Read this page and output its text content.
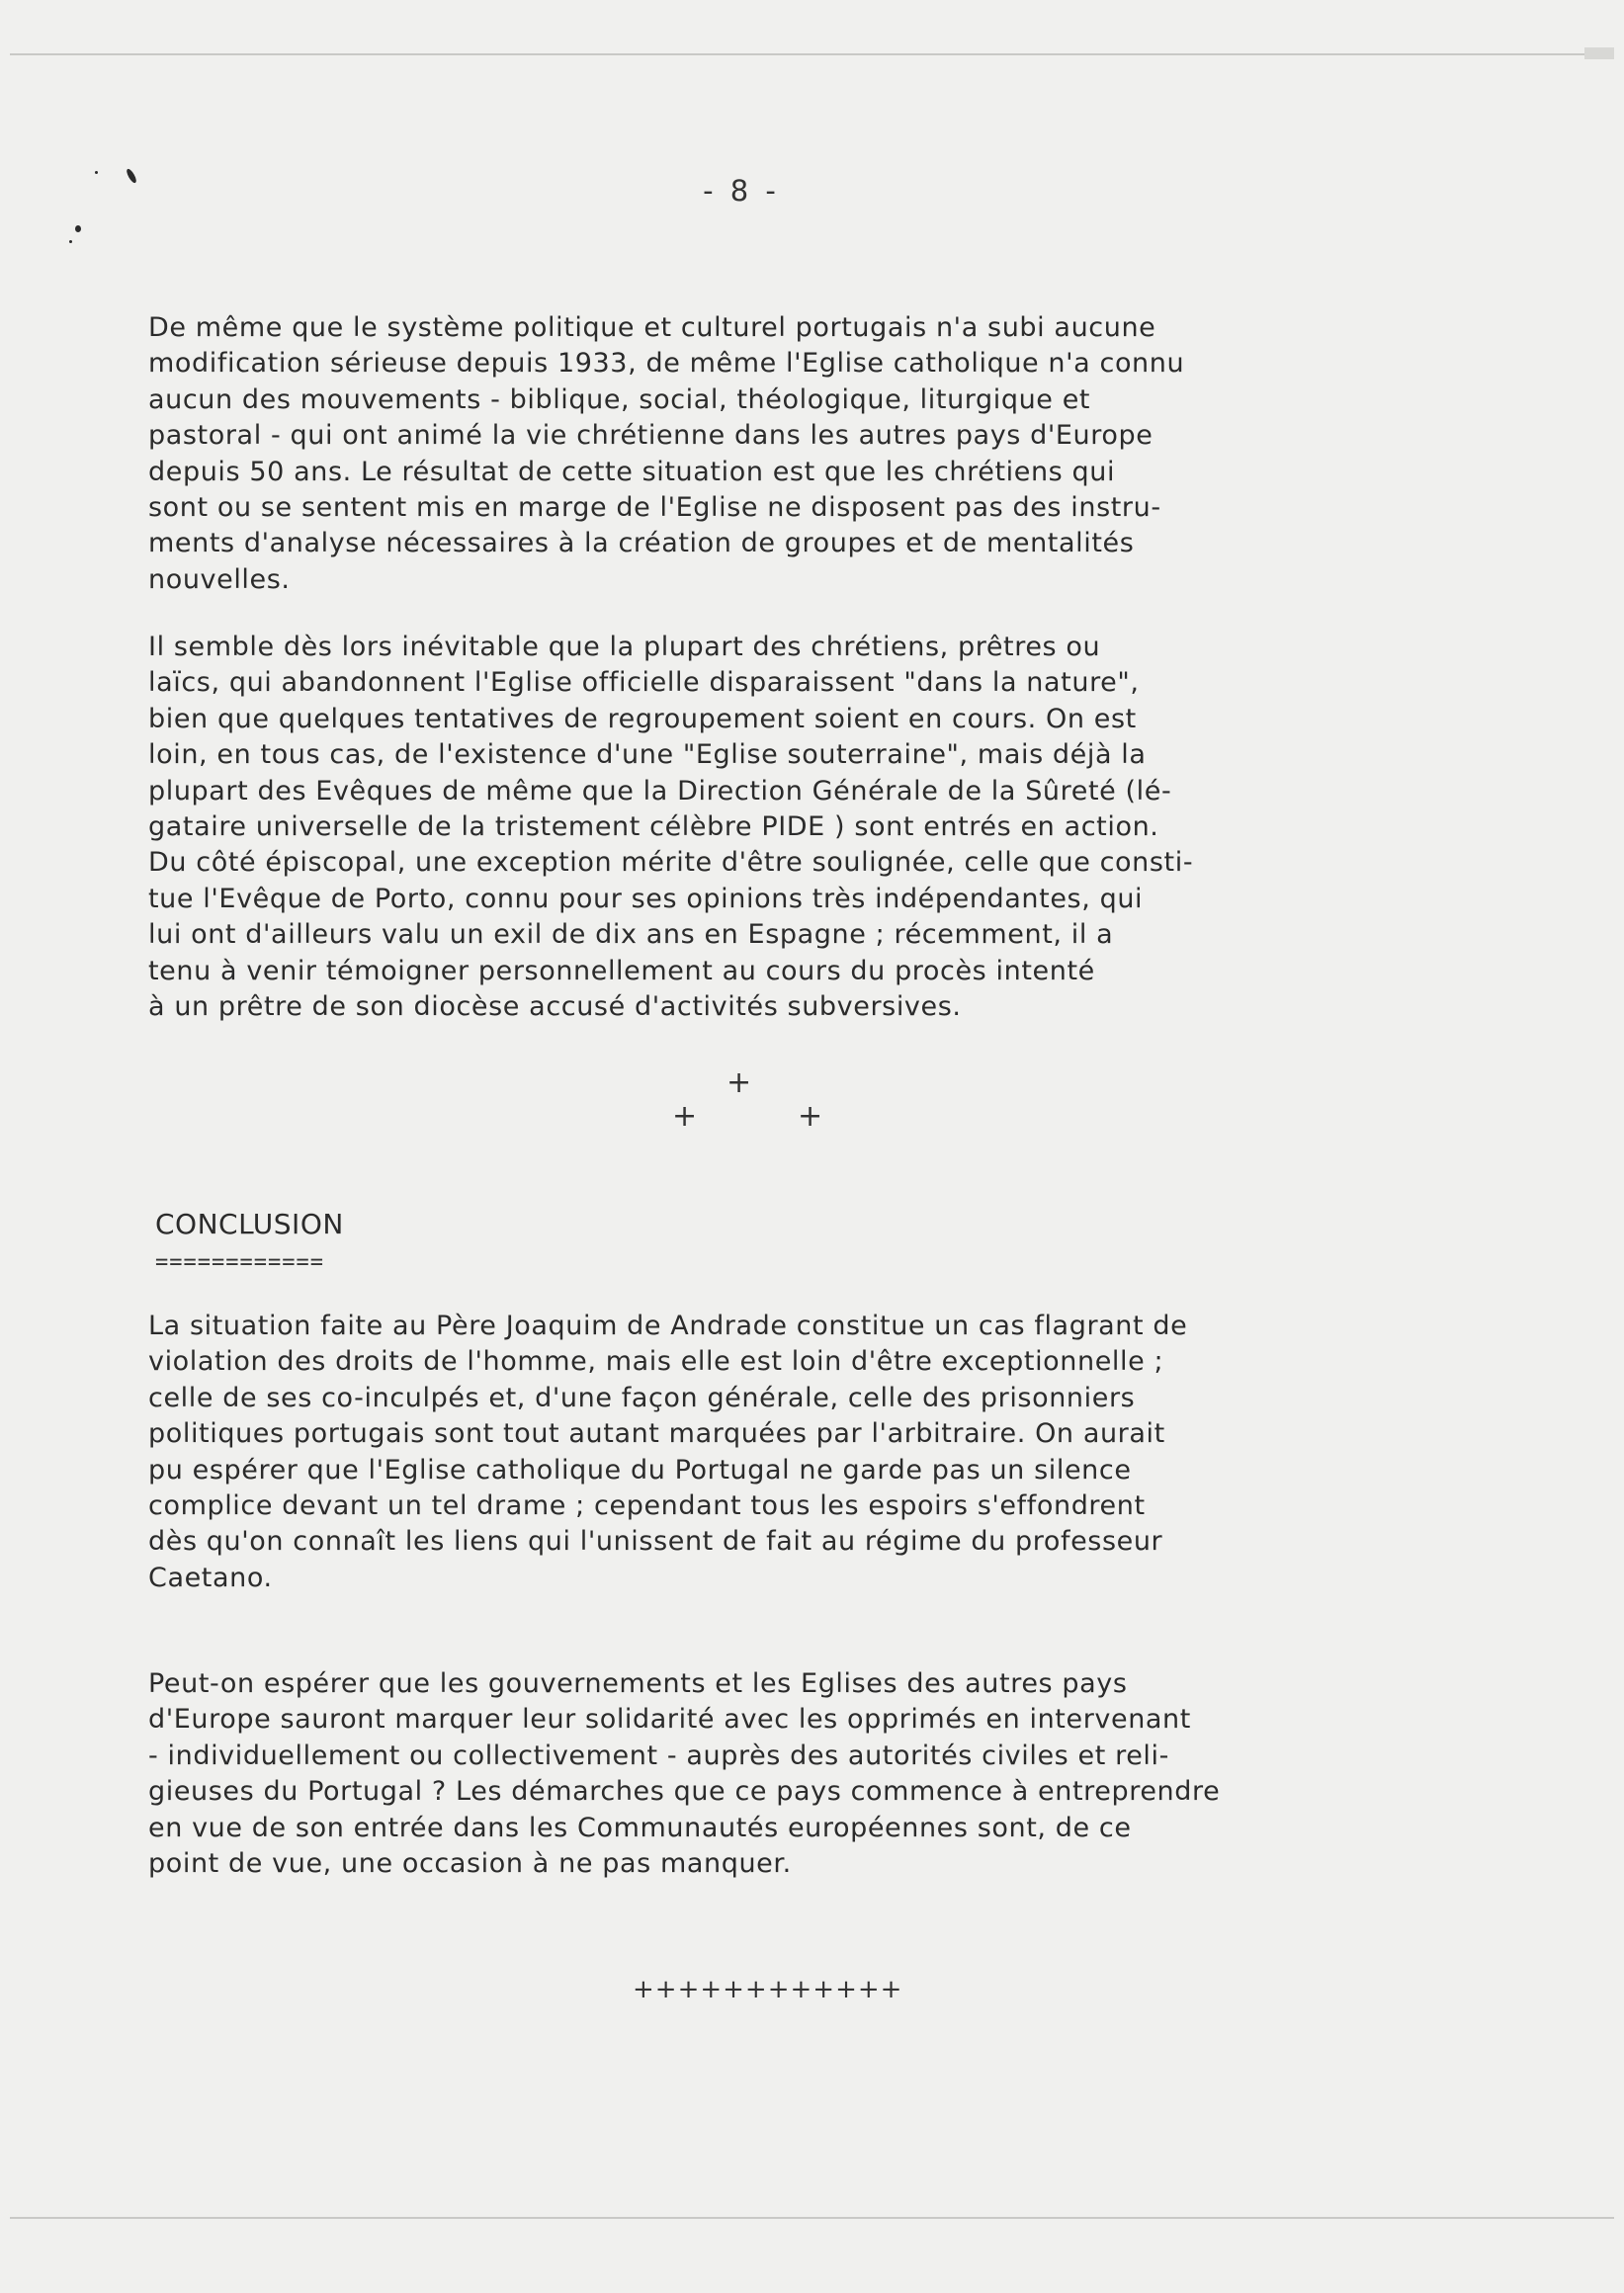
- 8 -
De même que le système politique et culturel portugais n'a subi aucune
modification sérieuse depuis 1933, de même l'Eglise catholique n'a connu
aucun des mouvements - biblique, social, théologique, liturgique et
pastoral - qui ont animé la vie chrétienne dans les autres pays d'Europe
depuis 50 ans. Le résultat de cette situation est que les chrétiens qui
sont ou se sentent mis en marge de l'Eglise ne disposent pas des instru-
ments d'analyse nécessaires à la création de groupes et de mentalités
nouvelles.
Il semble dès lors inévitable que la plupart des chrétiens, prêtres ou
laïcs, qui abandonnent l'Eglise officielle disparaissent "dans la nature",
bien que quelques tentatives de regroupement soient en cours. On est
loin, en tous cas, de l'existence d'une "Eglise souterraine", mais déjà la
plupart des Evêques de même que la Direction Générale de la Sûreté (lé-
gataire universelle de la tristement célèbre PIDE ) sont entrés en action.
Du côté épiscopal, une exception mérite d'être soulignée, celle que consti-
tue l'Evêque de Porto, connu pour ses opinions très indépendantes, qui
lui ont d'ailleurs valu un exil de dix ans en Espagne ; récemment, il a
tenu à venir témoigner personnellement au cours du procès intenté
à un prêtre de son diocèse accusé d'activités subversives.
+
+	+
CONCLUSION
============
La situation faite au Père Joaquim de Andrade constitue un cas flagrant de
violation des droits de l'homme, mais elle est loin d'être exceptionnelle ;
celle de ses co-inculpés et, d'une façon générale, celle des prisonniers
politiques portugais sont tout autant marquées par l'arbitraire. On aurait
pu espérer que l'Eglise catholique du Portugal ne garde pas un silence
complice devant un tel drame ; cependant tous les espoirs s'effondrent
dès qu'on connaît les liens qui l'unissent de fait au régime du professeur
Caetano.
Peut-on espérer que les gouvernements et les Eglises des autres pays
d'Europe sauront marquer leur solidarité avec les opprimés en intervenant
- individuellement ou collectivement - auprès des autorités civiles et reli-
gieuses du Portugal ? Les démarches que ce pays commence à entreprendre
en vue de son entrée dans les Communautés européennes sont, de ce
point de vue, une occasion à ne pas manquer.
++++++++++++
